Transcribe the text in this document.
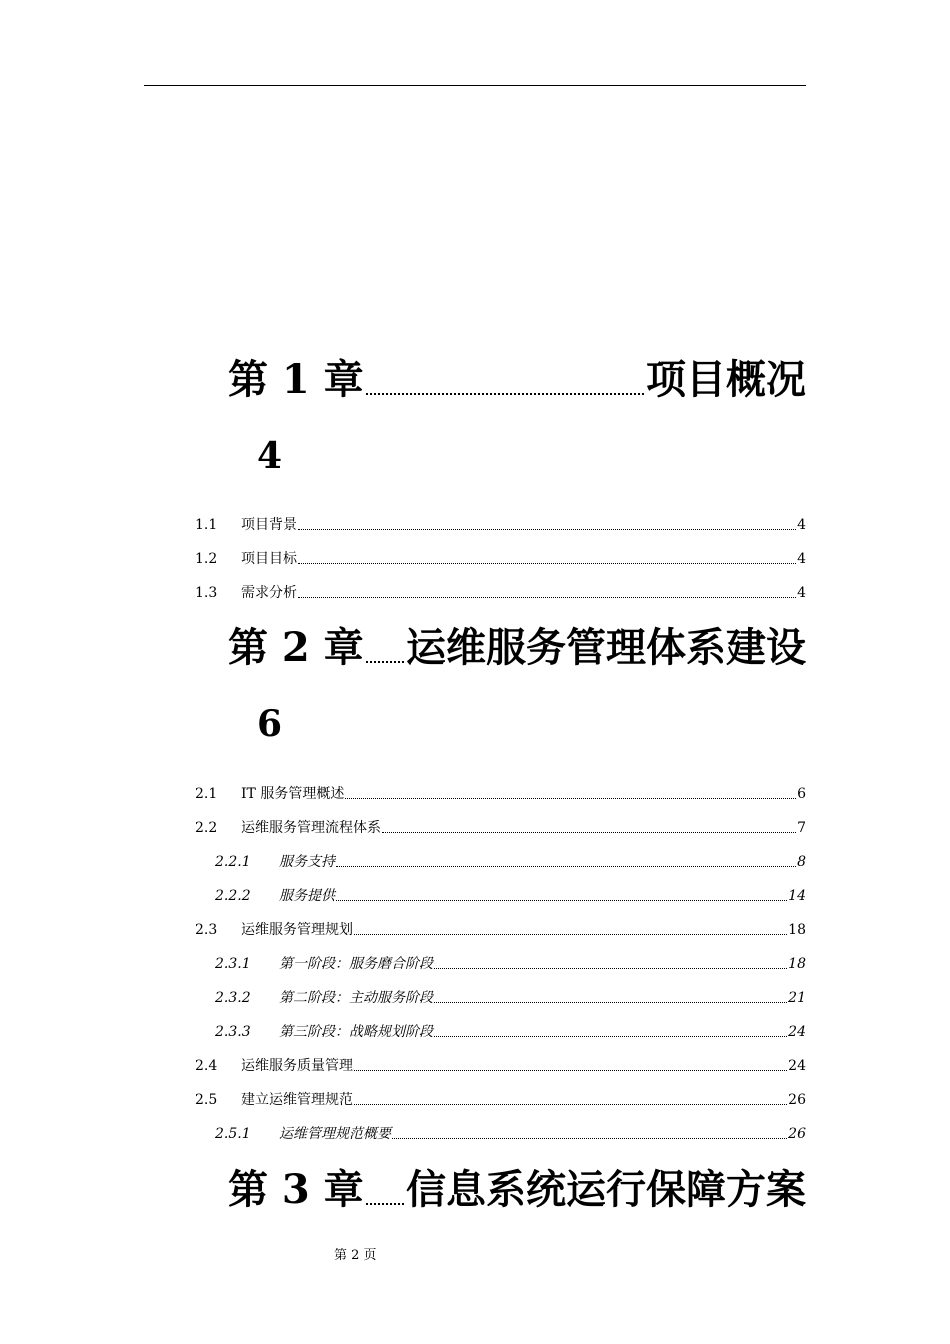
第 1 章	项目概况
4
1.1	项目背景	4
1.2	项目目标	4
1.3	需求分析	4
第 2 章 运维服务管理体系建设
6
2.1	IT 服务管理概述	6
2.2	运维服务管理流程体系	7
2.2.1	服务支持	8
2.2.2	服务提供	14
2.3	运维服务管理规划	18
2.3.1	第一阶段：服务磨合阶段	18
2.3.2	第二阶段：主动服务阶段	21
2.3.3	第三阶段：战略规划阶段	24
2.4	运维服务质量管理	24
2.5	建立运维管理规范	26
2.5.1	运维管理规范概要	26
第 3 章 信息系统运行保障方案
第 2 页
